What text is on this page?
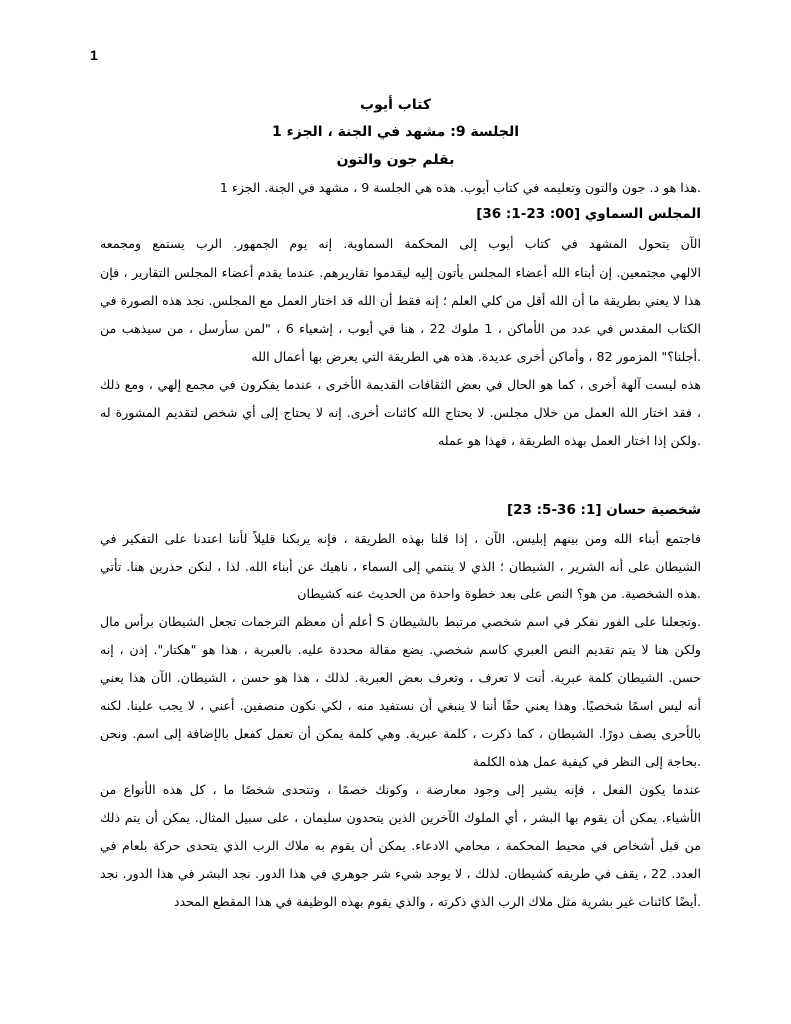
1
كتاب أيوب
الجلسة 9: مشهد في الجنة ، الجزء 1
بقلم جون والتون
.هذا هو د. جون والتون وتعليمه في كتاب أيوب. هذه هي الجلسة 9 ، مشهد في الجنة. الجزء 1
المجلس السماوي [00: 23-1: 36]
الآن يتحول المشهد في كتاب أيوب إلى المحكمة السماوية. إنه يوم الجمهور. الرب يستمع ومجمعه
الالهي مجتمعين. إن أبناء الله أعضاء المجلس يأتون إليه ليقدموا تقاريرهم. عندما يقدم أعضاء المجلس التقارير ، فإن
هذا لا يعني بطريقة ما أن الله أقل من كلي العلم ؛ إنه فقط أن الله قد اختار العمل مع المجلس. نجد هذه الصورة في
الكتاب المقدس في عدد من الأماكن ، 1 ملوك 22 ، هنا في أيوب ، إشعياء 6 ، "لمن سأرسل ، من سيذهب من
.أجلنا؟" المزمور 82 ، وأماكن أخرى عديدة. هذه هي الطريقة التي يعرض بها أعمال الله
هذه ليست آلهة أخرى ، كما هو الحال في بعض الثقافات القديمة الأخرى ، عندما يفكرون في مجمع إلهي ، ومع ذلك
، فقد اختار الله العمل من خلال مجلس. لا يحتاج الله كائنات أخرى. إنه لا يحتاج إلى أي شخص لتقديم المشورة له
.ولكن إذا اختار العمل بهذه الطريقة ، فهذا هو عمله
شخصية حسان [1: 36-5: 23]
فاجتمع أبناء الله ومن بينهم إبليس. الآن ، إذا قلنا بهذه الطريقة ، فإنه يربكنا قليلاً لأننا اعتدنا على التفكير في
الشيطان على أنه الشرير ، الشيطان ؛ الذي لا ينتمي إلى السماء ، ناهيك عن أبناء الله. لذا ، لنكن حذرين هنا. تأتي
.هذه الشخصية. من هو؟ النص على بعد خطوة واحدة من الحديث عنه كشيطان
.وتجعلنا على الفور نفكر في اسم شخصي مرتبط بالشيطان S أعلم أن معظم الترجمات تجعل الشيطان برأس مال
ولكن هنا لا يتم تقديم النص العبري كاسم شخصي. يضع مقالة محددة عليه. بالعبرية ، هذا هو "هكتار". إذن ، إنه
حسن. الشيطان كلمة عبرية. أنت لا تعرف ، وتعرف بعض العبرية. لذلك ، هذا هو حسن ، الشيطان. الآن هذا يعني
أنه ليس اسمًا شخصيًا. وهذا يعني حقًا أننا لا ينبغي أن نستفيد منه ، لكي نكون منصفين. أعني ، لا يجب علينا. لكنه
بالأحرى يصف دورًا. الشيطان ، كما ذكرت ، كلمة عبرية. وهي كلمة يمكن أن تعمل كفعل بالإضافة إلى اسم. ونحن
.بحاجة إلى النظر في كيفية عمل هذه الكلمة
عندما يكون الفعل ، فإنه يشير إلى وجود معارضة ، وكونك خصمًا ، وتتحدى شخصًا ما ، كل هذه الأنواع من
الأشياء. يمكن أن يقوم بها البشر ، أي الملوك الآخرين الذين يتحدون سليمان ، على سبيل المثال. يمكن أن يتم ذلك
من قبل أشخاص في محيط المحكمة ، محامي الادعاء. يمكن أن يقوم به ملاك الرب الذي يتحدى حركة بلعام في
العدد. 22 ، يقف في طريقه كشيطان. لذلك ، لا يوجد شيء شر جوهري في هذا الدور. نجد البشر في هذا الدور. نجد
.أيضًا كائنات غير بشرية مثل ملاك الرب الذي ذكرته ، والذي يقوم بهذه الوظيفة في هذا المقطع المحدد
